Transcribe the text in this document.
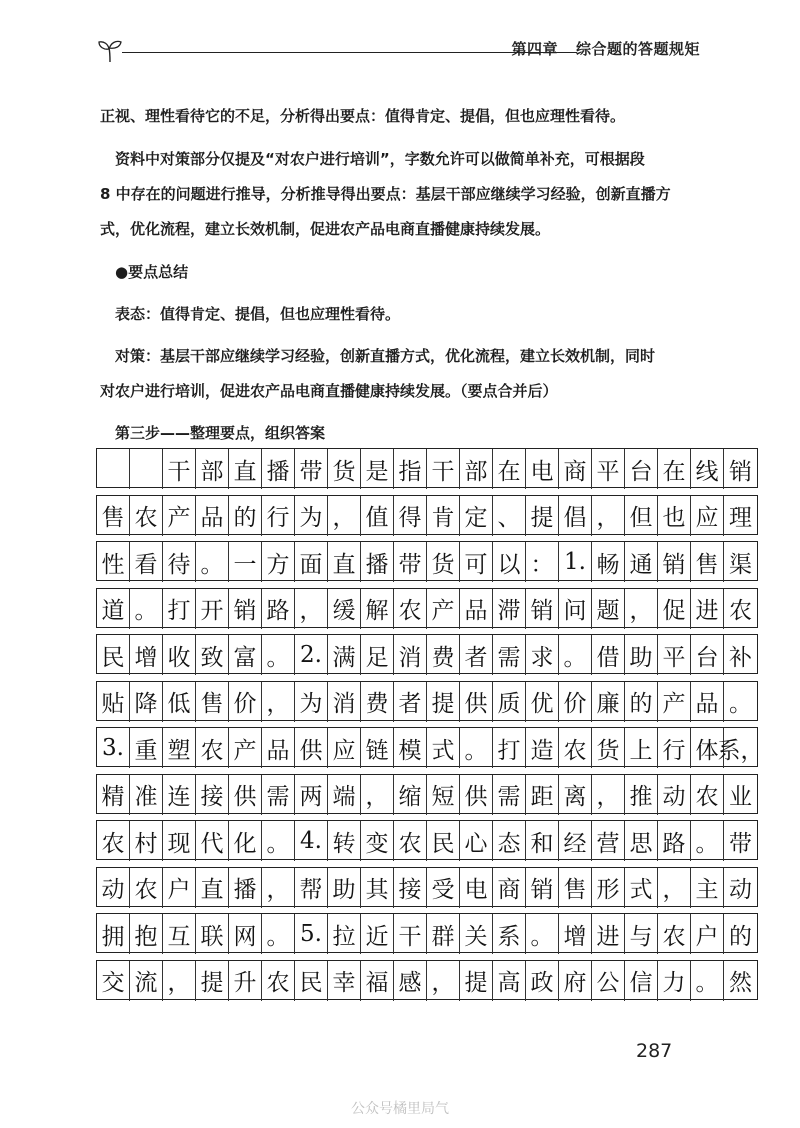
第四章 综合题的答题规矩
正视、理性看待它的不足，分析得出要点：值得肯定、提倡，但也应理性看待。
　资料中对策部分仅提及“对农户进行培训”，字数允许可以做简单补充，可根据段
8 中存在的问题进行推导，分析推导得出要点：基层干部应继续学习经验，创新直播方
式，优化流程，建立长效机制，促进农产品电商直播健康持续发展。
　●要点总结
　表态：值得肯定、提倡，但也应理性看待。
　对策：基层干部应继续学习经验，创新直播方式，优化流程，建立长效机制，同时
对农户进行培训，促进农产品电商直播健康持续发展。（要点合并后）
　第三步——整理要点，组织答案
干 部 直 播 带 货 是 指 干 部 在 电 商 平 台 在 线 销
售 农 产 品 的 行 为 ， 值 得 肯 定 、 提 倡 ， 但 也 应 理
性 看 待 。 一 方 面 直 播 带 货 可 以 ： 1. 畅 通 销 售 渠
道 。 打 开 销 路 ， 缓 解 农 产 品 滞 销 问 题 ， 促 进 农
民 增 收 致 富 。 2. 满 足 消 费 者 需 求 。 借 助 平 台 补
贴 降 低 售 价 ， 为 消 费 者 提 供 质 优 价 廉 的 产 品 。
3. 重 塑 农 产 品 供 应 链 模 式 。 打 造 农 货 上 行 体 系，
精 准 连 接 供 需 两 端 ， 缩 短 供 需 距 离 ， 推 动 农 业
农 村 现 代 化 。 4. 转 变 农 民 心 态 和 经 营 思 路 。 带
动 农 户 直 播 ， 帮 助 其 接 受 电 商 销 售 形 式 ， 主 动
拥 抱 互 联 网 。 5. 拉 近 干 群 关 系 。 增 进 与 农 户 的
交 流 ， 提 升 农 民 幸 福 感 ， 提 高 政 府 公 信 力 。 然
287
公众号橘里局气
